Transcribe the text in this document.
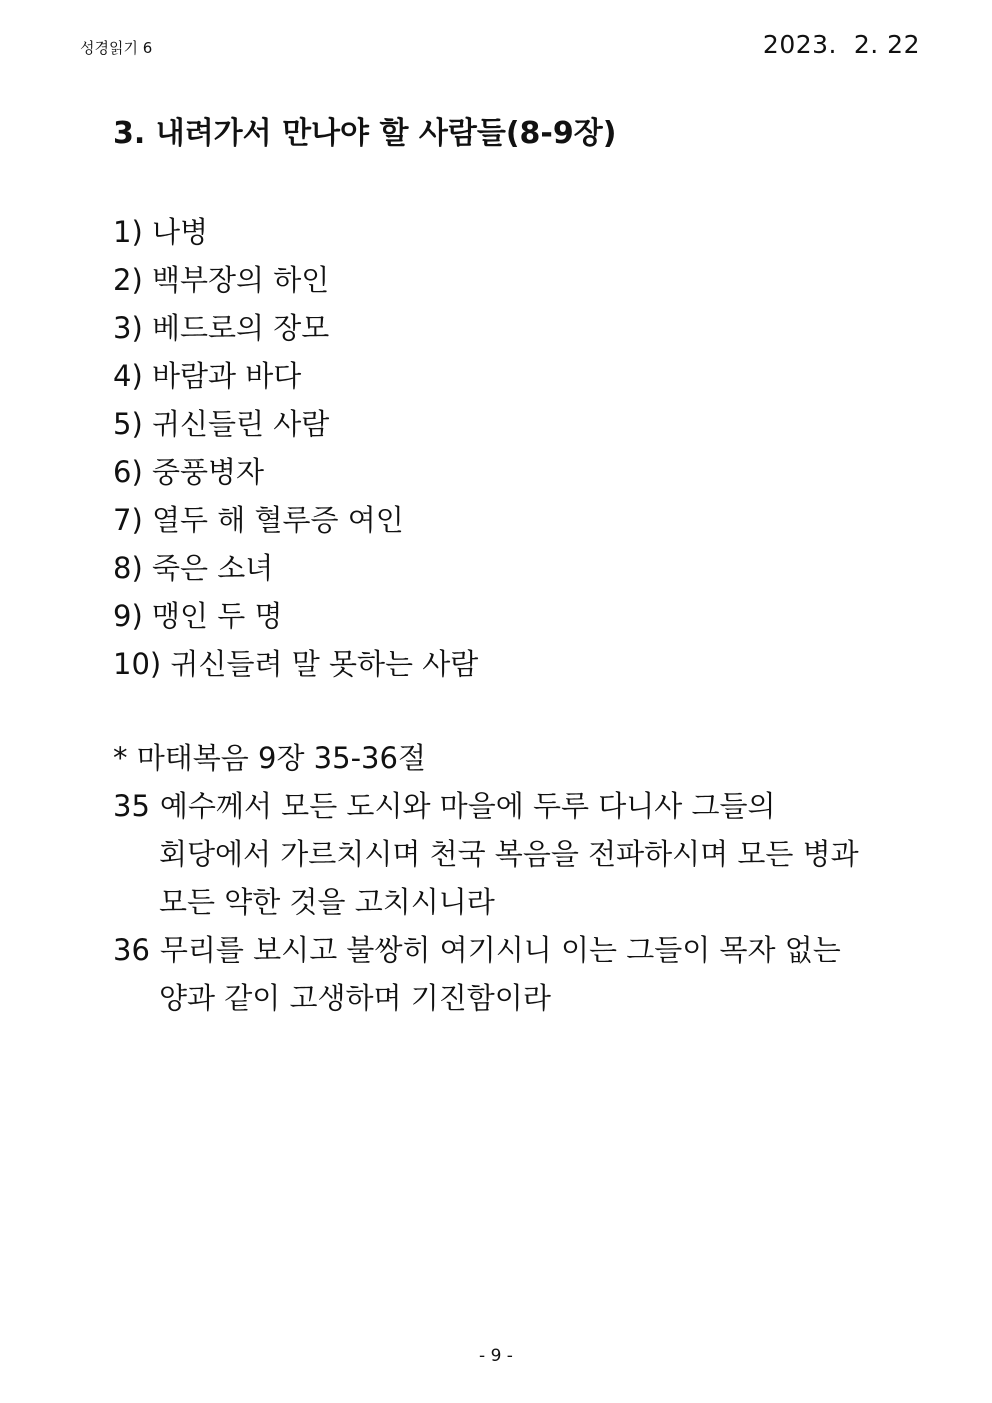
성경읽기 6	2023.  2. 22
3. 내려가서 만나야 할 사람들(8-9장)
1) 나병
2) 백부장의 하인
3) 베드로의 장모
4) 바람과 바다
5) 귀신들린 사람
6) 중풍병자
7) 열두 해 혈루증 여인
8) 죽은 소녀
9) 맹인 두 명
10) 귀신들려 말 못하는 사람
* 마태복음 9장 35-36절
35 예수께서 모든 도시와 마을에 두루 다니사 그들의
회당에서 가르치시며 천국 복음을 전파하시며 모든 병과
모든 약한 것을 고치시니라
36 무리를 보시고 불쌍히 여기시니 이는 그들이 목자 없는
양과 같이 고생하며 기진함이라
- 9 -
